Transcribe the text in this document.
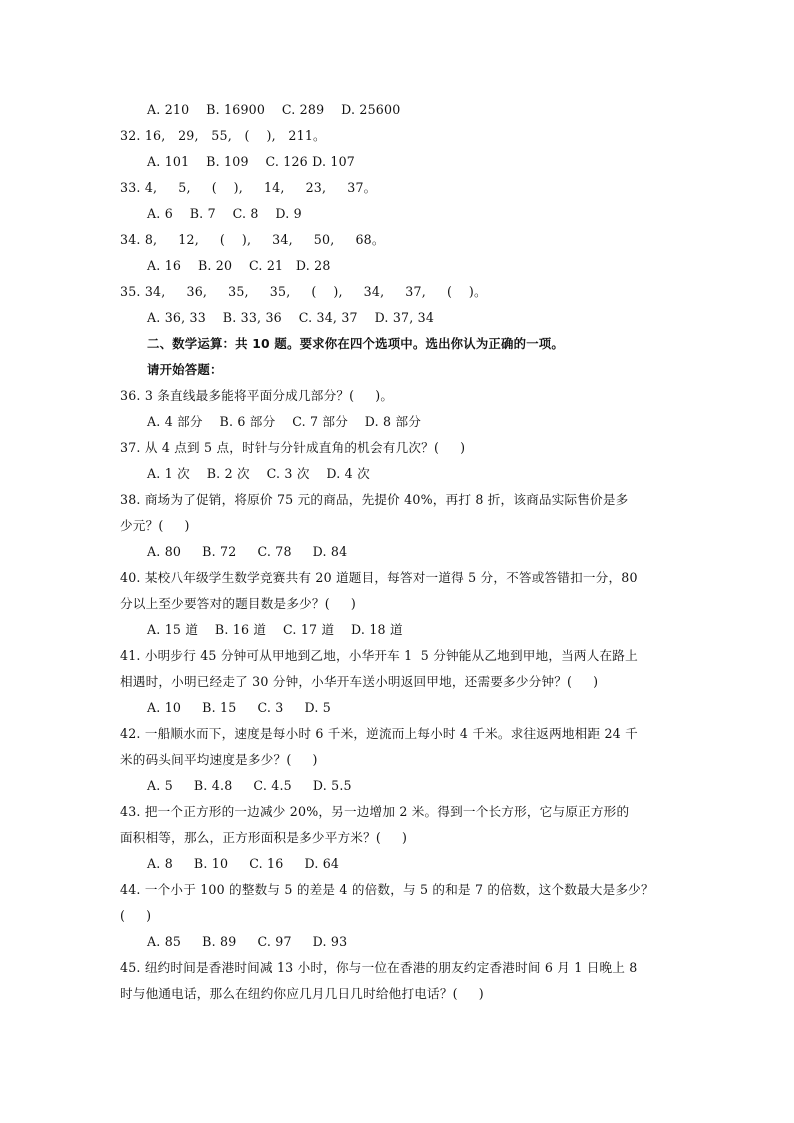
A. 210    B. 16900    C. 289    D. 25600
32. 16,   29,   55,   (    ),   211。
A. 101    B. 109    C. 126 D. 107
33. 4,     5,     (    ),     14,     23,     37。
A. 6    B. 7    C. 8    D. 9
34. 8,     12,     (    ),     34,     50,     68。
A. 16    B. 20    C. 21   D. 28
35. 34,     36,     35,     35,     (    ),     34,     37,     (    )。
A. 36, 33    B. 33, 36    C. 34, 37    D. 37, 34
二、数学运算：共 10 题。要求你在四个选项中。选出你认为正确的一项。
请开始答题：
36. 3 条直线最多能将平面分成几部分？(     )。
A. 4 部分    B. 6 部分    C. 7 部分    D. 8 部分
37. 从 4 点到 5 点，时针与分针成直角的机会有几次？(     )
A. 1 次    B. 2 次    C. 3 次    D. 4 次
38. 商场为了促销，将原价 75 元的商品，先提价 40%，再打 8 折，该商品实际售价是多
少元？(     )
A. 80     B. 72     C. 78     D. 84
40. 某校八年级学生数学竞赛共有 20 道题目，每答对一道得 5 分，不答或答错扣一分，80
分以上至少要答对的题目数是多少？(     )
A. 15 道    B. 16 道    C. 17 道    D. 18 道
41. 小明步行 45 分钟可从甲地到乙地，小华开车 1  5 分钟能从乙地到甲地，当两人在路上
相遇时，小明已经走了 30 分钟，小华开车送小明返回甲地，还需要多少分钟？(     )
A. 10     B. 15     C. 3     D. 5
42. 一船顺水而下，速度是每小时 6 千米，逆流而上每小时 4 千米。求往返两地相距 24 千
米的码头间平均速度是多少？(     )
A. 5     B. 4.8     C. 4.5     D. 5.5
43. 把一个正方形的一边减少 20%，另一边增加 2 米。得到一个长方形，它与原正方形的
面积相等，那么，正方形面积是多少平方米？(     )
A. 8     B. 10     C. 16     D. 64
44. 一个小于 100 的整数与 5 的差是 4 的倍数，与 5 的和是 7 的倍数，这个数最大是多少？
(     )
A. 85     B. 89     C. 97     D. 93
45. 纽约时间是香港时间减 13 小时，你与一位在香港的朋友约定香港时间 6 月 1 日晚上 8
时与他通电话，那么在纽约你应几月几日几时给他打电话？(     )
